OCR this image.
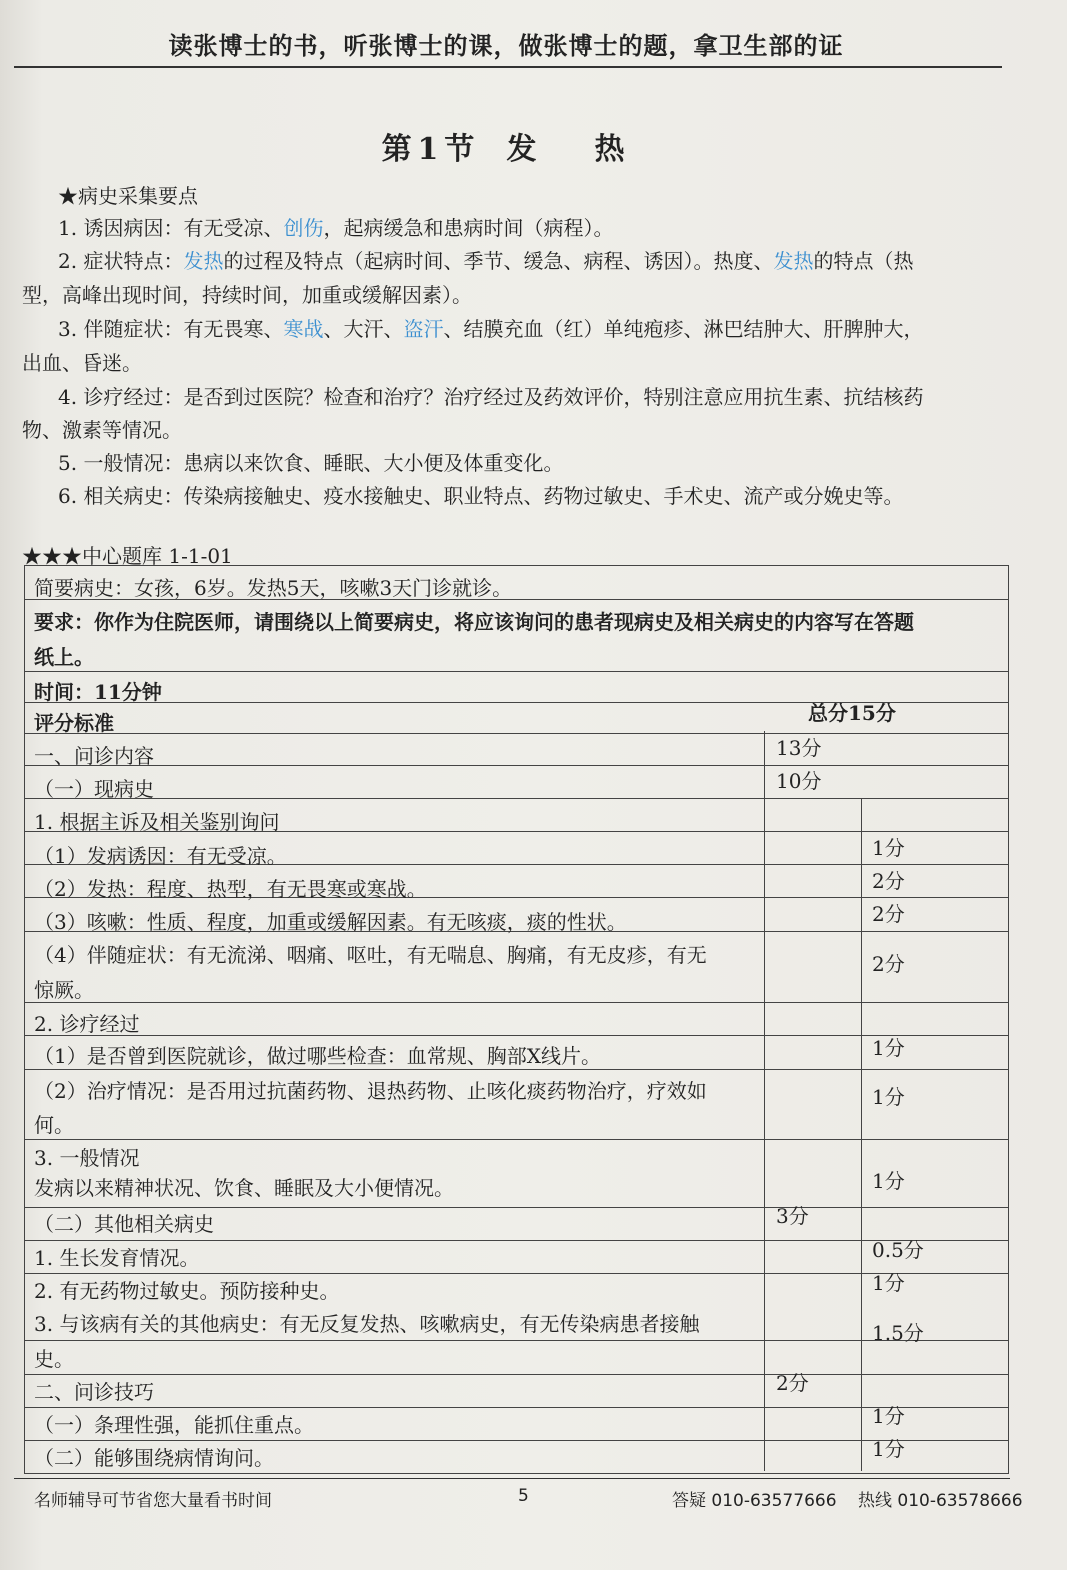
读张博士的书，听张博士的课，做张博士的题，拿卫生部的证
第1节 发 热
★病史采集要点
1. 诱因病因：有无受凉、创伤，起病缓急和患病时间（病程）。
2. 症状特点：发热的过程及特点（起病时间、季节、缓急、病程、诱因）。热度、发热的特点（热
型，高峰出现时间，持续时间，加重或缓解因素）。
3. 伴随症状：有无畏寒、寒战、大汗、盗汗、结膜充血（红）单纯疱疹、淋巴结肿大、肝脾肿大，
出血、昏迷。
4. 诊疗经过：是否到过医院？检查和治疗？治疗经过及药效评价，特别注意应用抗生素、抗结核药
物、激素等情况。
5. 一般情况：患病以来饮食、睡眠、大小便及体重变化。
6. 相关病史：传染病接触史、疫水接触史、职业特点、药物过敏史、手术史、流产或分娩史等。
★★★中心题库 1-1-01
简要病史：女孩，6岁。发热5天，咳嗽3天门诊就诊。
要求：你作为住院医师，请围绕以上简要病史，将应该询问的患者现病史及相关病史的内容写在答题
纸上。
时间：11分钟
评分标准	总分15分
一、问诊内容	13分
（一）现病史	10分
1. 根据主诉及相关鉴别询问
（1）发病诱因：有无受凉。	1分
（2）发热：程度、热型，有无畏寒或寒战。	2分
（3）咳嗽：性质、程度，加重或缓解因素。有无咳痰，痰的性状。	2分
（4）伴随症状：有无流涕、咽痛、呕吐，有无喘息、胸痛，有无皮疹，有无
惊厥。
2分
2. 诊疗经过
（1）是否曾到医院就诊，做过哪些检查：血常规、胸部X线片。	1分
（2）治疗情况：是否用过抗菌药物、退热药物、止咳化痰药物治疗，疗效如
何。
1分
3. 一般情况
发病以来精神状况、饮食、睡眠及大小便情况。	1分
（二）其他相关病史	3分
1. 生长发育情况。	0.5分
2. 有无药物过敏史。预防接种史。	1分
3. 与该病有关的其他病史：有无反复发热、咳嗽病史，有无传染病患者接触
史。
1.5分
二、问诊技巧	2分
（一）条理性强，能抓住重点。	1分
（二）能够围绕病情询问。	1分
名师辅导可节省您大量看书时间	5	答疑 010-63577666 热线 010-63578666
